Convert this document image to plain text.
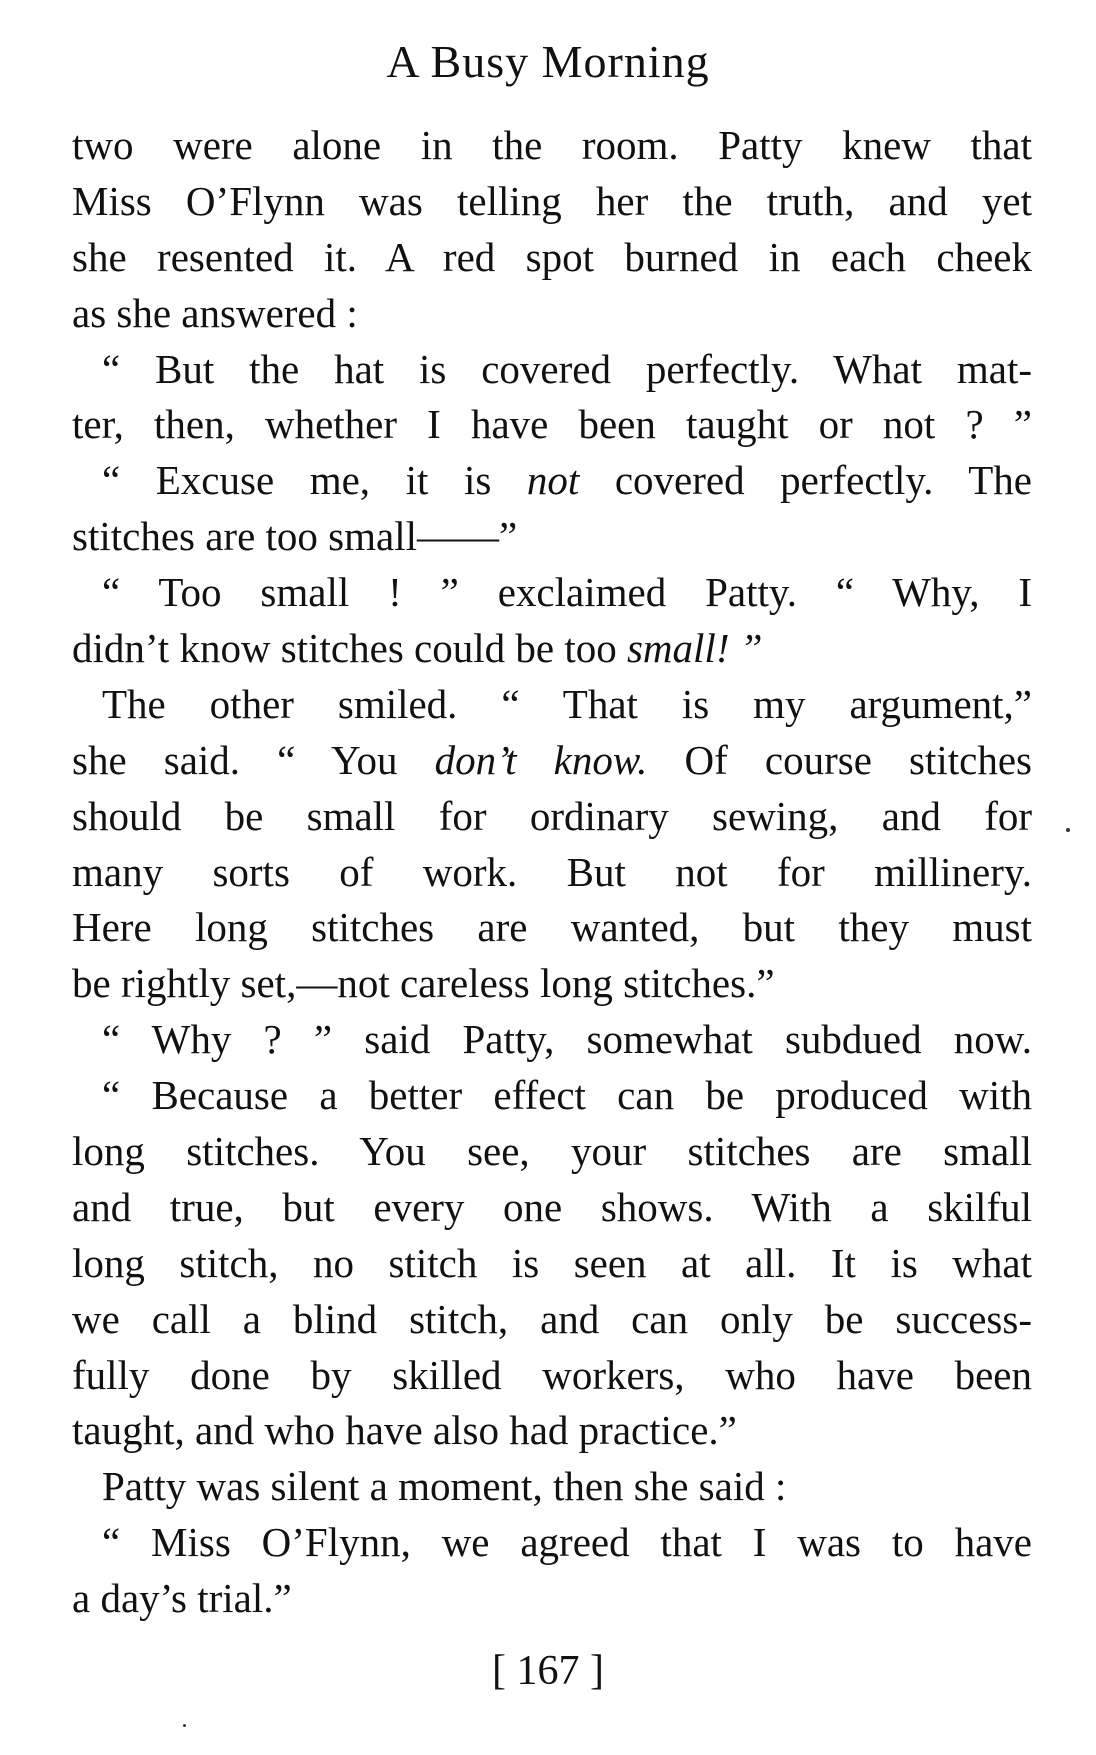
A Busy Morning
two were alone in the room. Patty knew that
Miss O’Flynn was telling her the truth, and yet
she resented it. A red spot burned in each cheek
as she answered :
“ But the hat is covered perfectly. What mat-
ter, then, whether I have been taught or not ? ”
“ Excuse me, it is not covered perfectly. The
stitches are too small——”
“ Too small ! ” exclaimed Patty. “ Why, I
didn’t know stitches could be too small! ”
The other smiled. “ That is my argument,”
she said. “ You don’t know. Of course stitches
should be small for ordinary sewing, and for
many sorts of work. But not for millinery.
Here long stitches are wanted, but they must
be rightly set,—not careless long stitches.”
“ Why ? ” said Patty, somewhat subdued now.
“ Because a better effect can be produced with
long stitches. You see, your stitches are small
and true, but every one shows. With a skilful
long stitch, no stitch is seen at all. It is what
we call a blind stitch, and can only be success-
fully done by skilled workers, who have been
taught, and who have also had practice.”
Patty was silent a moment, then she said :
“ Miss O’Flynn, we agreed that I was to have
a day’s trial.”
[ 167 ]
